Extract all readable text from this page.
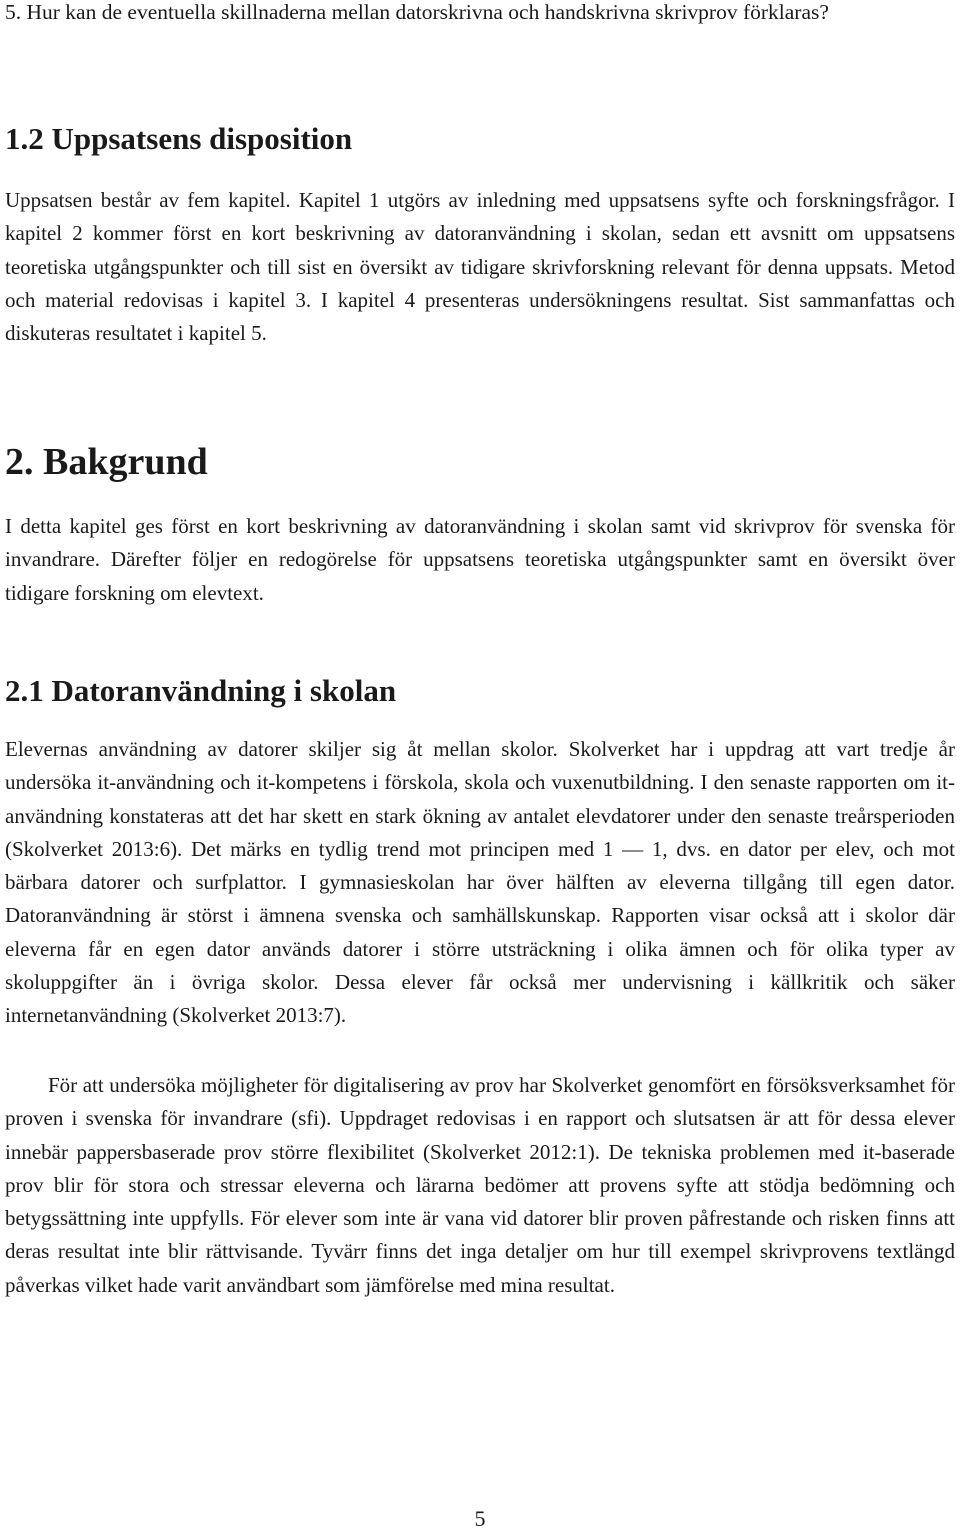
5. Hur kan de eventuella skillnaderna mellan datorskrivna och handskrivna skrivprov förklaras?

1.2 Uppsatsens disposition

Uppsatsen består av fem kapitel. Kapitel 1 utgörs av inledning med uppsatsens syfte och forskningsfrågor. I kapitel 2 kommer först en kort beskrivning av datoranvändning i skolan, sedan ett avsnitt om uppsatsens teoretiska utgångspunkter och till sist en översikt av tidigare skrivforskning relevant för denna uppsats. Metod och material redovisas i kapitel 3. I kapitel 4 presenteras undersökningens resultat. Sist sammanfattas och diskuteras resultatet i kapitel 5.

2. Bakgrund

I detta kapitel ges först en kort beskrivning av datoranvändning i skolan samt vid skrivprov för svenska för invandrare. Därefter följer en redogörelse för uppsatsens teoretiska utgångspunkter samt en översikt över tidigare forskning om elevtext.

2.1 Datoranvändning i skolan

Elevernas användning av datorer skiljer sig åt mellan skolor. Skolverket har i uppdrag att vart tredje år undersöka it-användning och it-kompetens i förskola, skola och vuxenutbildning. I den senaste rapporten om it-användning konstateras att det har skett en stark ökning av antalet elevdatorer under den senaste treårsperioden (Skolverket 2013:6). Det märks en tydlig trend mot principen med 1 — 1, dvs. en dator per elev, och mot bärbara datorer och surfplattor. I gymnasieskolan har över hälften av eleverna tillgång till egen dator. Datoranvändning är störst i ämnena svenska och samhällskunskap. Rapporten visar också att i skolor där eleverna får en egen dator används datorer i större utsträckning i olika ämnen och för olika typer av skoluppgifter än i övriga skolor. Dessa elever får också mer undervisning i källkritik och säker internetanvändning (Skolverket 2013:7).

För att undersöka möjligheter för digitalisering av prov har Skolverket genomfört en försöksverksamhet för proven i svenska för invandrare (sfi). Uppdraget redovisas i en rapport och slutsatsen är att för dessa elever innebär pappersbaserade prov större flexibilitet (Skolverket 2012:1). De tekniska problemen med it-baserade prov blir för stora och stressar eleverna och lärarna bedömer att provens syfte att stödja bedömning och betygssättning inte uppfylls. För elever som inte är vana vid datorer blir proven påfrestande och risken finns att deras resultat inte blir rättvisande. Tyvärr finns det inga detaljer om hur till exempel skrivprovens textlängd påverkas vilket hade varit användbart som jämförelse med mina resultat.

5
